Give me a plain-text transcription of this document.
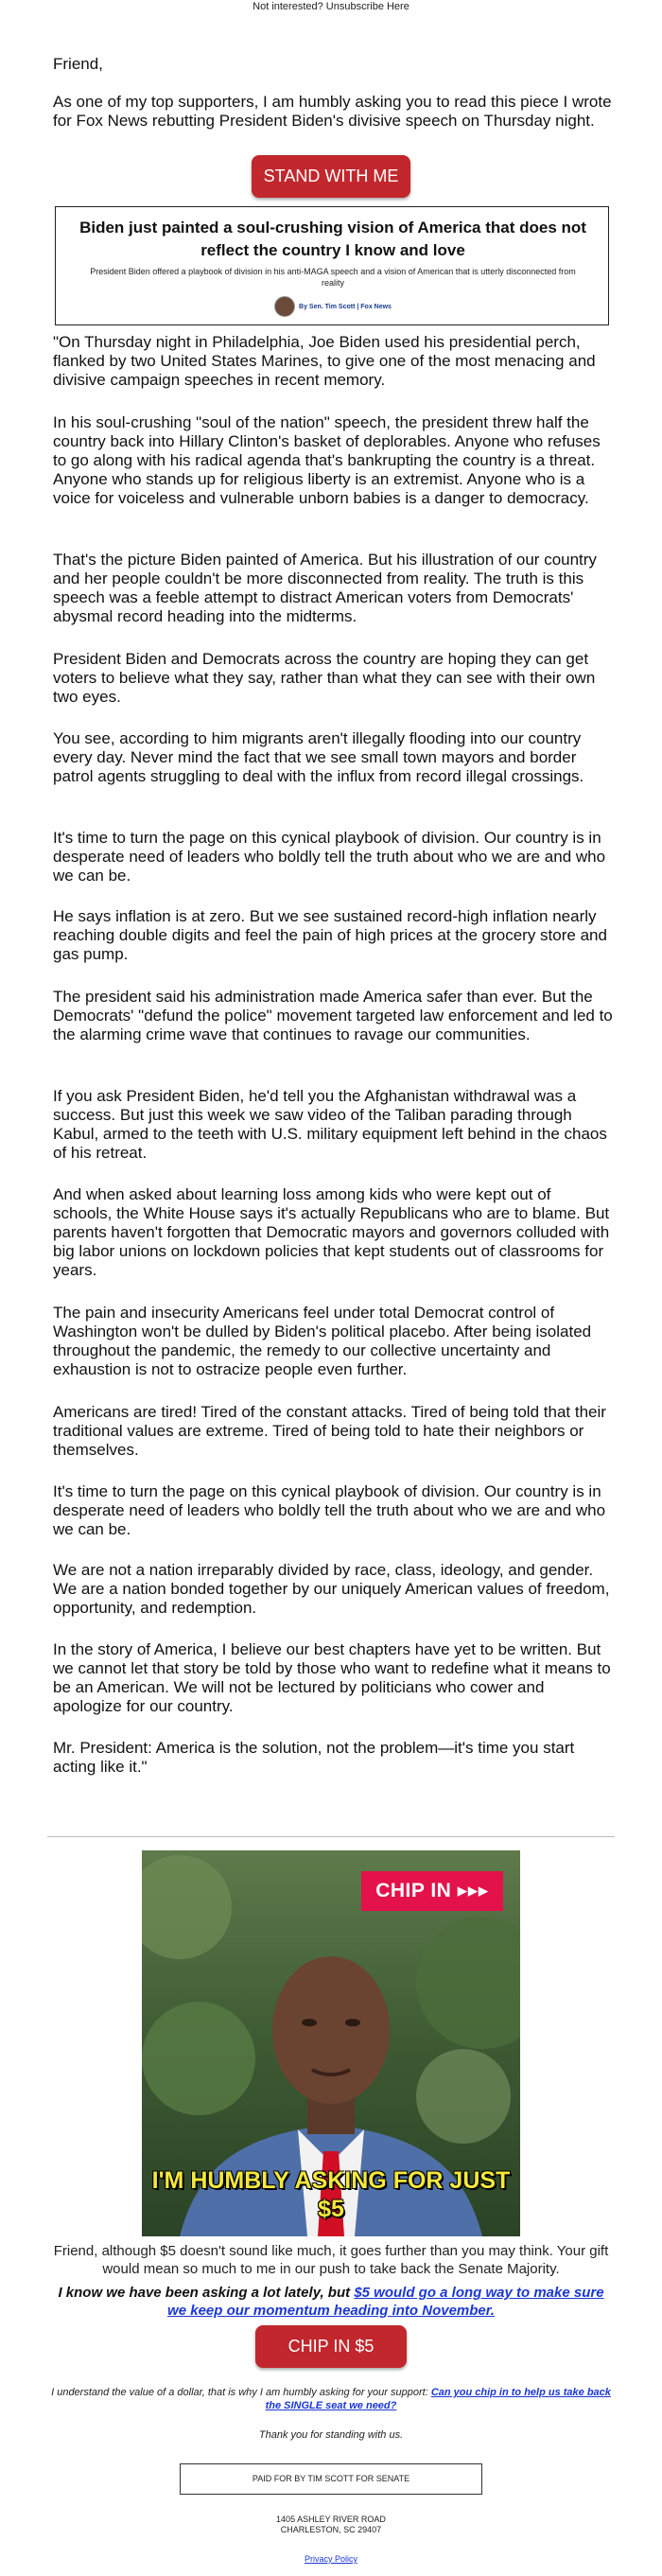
Not interested? Unsubscribe Here

Friend,

As one of my top supporters, I am humbly asking you to read this piece I wrote for Fox News rebutting President Biden's divisive speech on Thursday night.

STAND WITH ME
Biden just painted a soul-crushing vision of America that does not reflect the country I know and love
President Biden offered a playbook of division in his anti-MAGA speech and a vision of American that is utterly disconnected from reality
By Sen. Tim Scott | Fox News

"On Thursday night in Philadelphia, Joe Biden used his presidential perch, flanked by two United States Marines, to give one of the most menacing and divisive campaign speeches in recent memory.

In his soul-crushing "soul of the nation" speech, the president threw half the country back into Hillary Clinton's basket of deplorables. Anyone who refuses to go along with his radical agenda that's bankrupting the country is a threat. Anyone who stands up for religious liberty is an extremist. Anyone who is a voice for voiceless and vulnerable unborn babies is a danger to democracy.

That's the picture Biden painted of America. But his illustration of our country and her people couldn't be more disconnected from reality. The truth is this speech was a feeble attempt to distract American voters from Democrats' abysmal record heading into the midterms.

President Biden and Democrats across the country are hoping they can get voters to believe what they say, rather than what they can see with their own two eyes.

You see, according to him migrants aren't illegally flooding into our country every day. Never mind the fact that we see small town mayors and border patrol agents struggling to deal with the influx from record illegal crossings.

It's time to turn the page on this cynical playbook of division. Our country is in desperate need of leaders who boldly tell the truth about who we are and who we can be.

He says inflation is at zero. But we see sustained record-high inflation nearly reaching double digits and feel the pain of high prices at the grocery store and gas pump.

The president said his administration made America safer than ever. But the Democrats' "defund the police" movement targeted law enforcement and led to the alarming crime wave that continues to ravage our communities.

If you ask President Biden, he'd tell you the Afghanistan withdrawal was a success. But just this week we saw video of the Taliban parading through Kabul, armed to the teeth with U.S. military equipment left behind in the chaos of his retreat.

And when asked about learning loss among kids who were kept out of schools, the White House says it's actually Republicans who are to blame. But parents haven't forgotten that Democratic mayors and governors colluded with big labor unions on lockdown policies that kept students out of classrooms for years.

The pain and insecurity Americans feel under total Democrat control of Washington won't be dulled by Biden's political placebo. After being isolated throughout the pandemic, the remedy to our collective uncertainty and exhaustion is not to ostracize people even further.

Americans are tired! Tired of the constant attacks. Tired of being told that their traditional values are extreme. Tired of being told to hate their neighbors or themselves.

It's time to turn the page on this cynical playbook of division. Our country is in desperate need of leaders who boldly tell the truth about who we are and who we can be.

We are not a nation irreparably divided by race, class, ideology, and gender. We are a nation bonded together by our uniquely American values of freedom, opportunity, and redemption.

In the story of America, I believe our best chapters have yet to be written. But we cannot let that story be told by those who want to redefine what it means to be an American. We will not be lectured by politicians who cower and apologize for our country.

Mr. President: America is the solution, not the problem—it's time you start acting like it."

CHIP IN ▸▸▸
I'M HUMBLY ASKING FOR JUST $5
Friend, although $5 doesn't sound like much, it goes further than you may think. Your gift would mean so much to me in our push to take back the Senate Majority.
I know we have been asking a lot lately, but $5 would go a long way to make sure we keep our momentum heading into November.
CHIP IN $5
I understand the value of a dollar, that is why I am humbly asking for your support: Can you chip in to help us take back the SINGLE seat we need?
Thank you for standing with us.
PAID FOR BY TIM SCOTT FOR SENATE
1405 ASHLEY RIVER ROAD
CHARLESTON, SC 29407
Privacy Policy
